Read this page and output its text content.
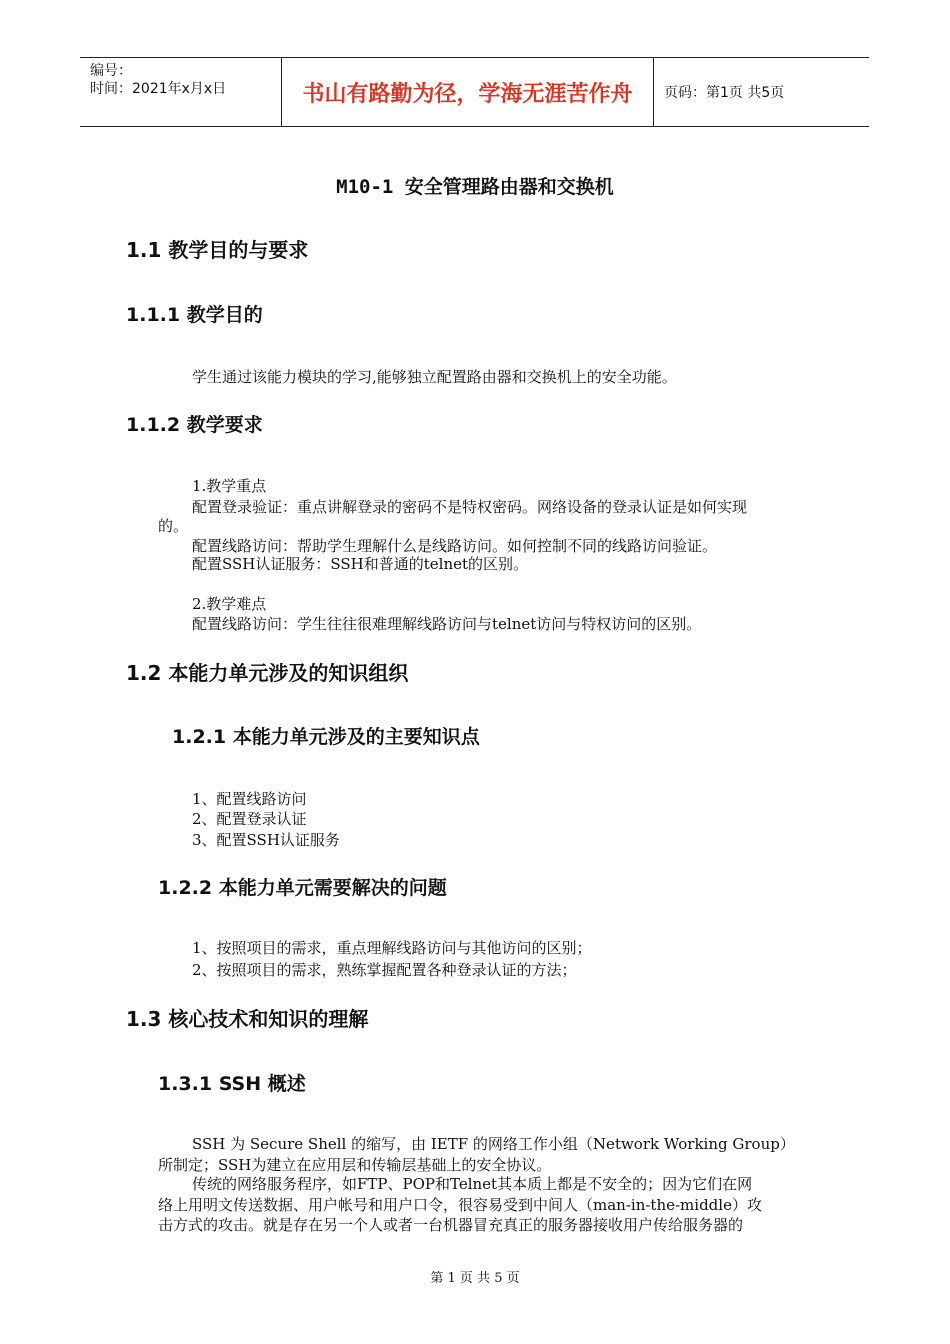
编号：
时间：2021年x月x日	书山有路勤为径，学海无涯苦作舟	页码：第1页 共5页
M10-1 安全管理路由器和交换机
1.1 教学目的与要求
1.1.1 教学目的
学生通过该能力模块的学习,能够独立配置路由器和交换机上的安全功能。
1.1.2 教学要求
1.教学重点
配置登录验证：重点讲解登录的密码不是特权密码。网络设备的登录认证是如何实现
的。
配置线路访问：帮助学生理解什么是线路访问。如何控制不同的线路访问验证。
配置SSH认证服务：SSH和普通的telnet的区别。
2.教学难点
配置线路访问：学生往往很难理解线路访问与telnet访问与特权访问的区别。
1.2 本能力单元涉及的知识组织
1.2.1 本能力单元涉及的主要知识点
1、配置线路访问
2、配置登录认证
3、配置SSH认证服务
1.2.2 本能力单元需要解决的问题
1、按照项目的需求，重点理解线路访问与其他访问的区别；
2、按照项目的需求，熟练掌握配置各种登录认证的方法；
1.3 核心技术和知识的理解
1.3.1 SSH 概述
SSH 为 Secure Shell 的缩写，由 IETF 的网络工作小组（Network Working Group）
所制定；SSH为建立在应用层和传输层基础上的安全协议。
传统的网络服务程序，如FTP、POP和Telnet其本质上都是不安全的；因为它们在网
络上用明文传送数据、用户帐号和用户口令，很容易受到中间人（man-in-the-middle）攻
击方式的攻击。就是存在另一个人或者一台机器冒充真正的服务器接收用户传给服务器的
第 1 页 共 5 页
